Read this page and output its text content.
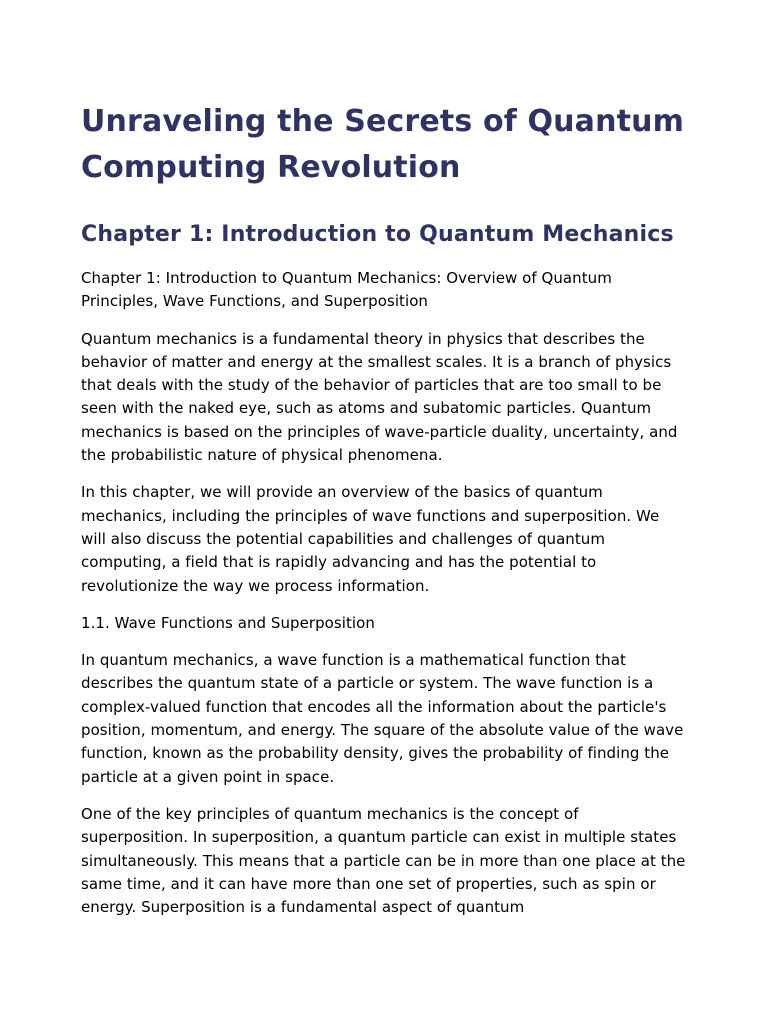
Unraveling the Secrets of Quantum Computing Revolution
Chapter 1: Introduction to Quantum Mechanics

Chapter 1: Introduction to Quantum Mechanics: Overview of Quantum Principles, Wave Functions, and Superposition

Quantum mechanics is a fundamental theory in physics that describes the behavior of matter and energy at the smallest scales. It is a branch of physics that deals with the study of the behavior of particles that are too small to be seen with the naked eye, such as atoms and subatomic particles. Quantum mechanics is based on the principles of wave-particle duality, uncertainty, and the probabilistic nature of physical phenomena.

In this chapter, we will provide an overview of the basics of quantum mechanics, including the principles of wave functions and superposition. We will also discuss the potential capabilities and challenges of quantum computing, a field that is rapidly advancing and has the potential to revolutionize the way we process information.

1.1. Wave Functions and Superposition

In quantum mechanics, a wave function is a mathematical function that describes the quantum state of a particle or system. The wave function is a complex-valued function that encodes all the information about the particle's position, momentum, and energy. The square of the absolute value of the wave function, known as the probability density, gives the probability of finding the particle at a given point in space.

One of the key principles of quantum mechanics is the concept of superposition. In superposition, a quantum particle can exist in multiple states simultaneously. This means that a particle can be in more than one place at the same time, and it can have more than one set of properties, such as spin or energy. Superposition is a fundamental aspect of quantum
